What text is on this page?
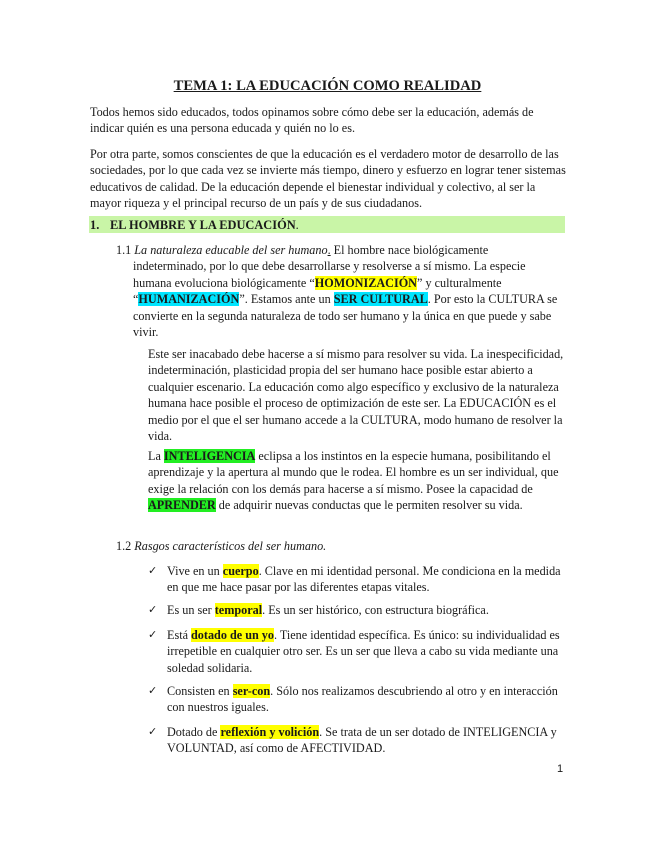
TEMA 1: LA EDUCACIÓN COMO REALIDAD

Todos hemos sido educados, todos opinamos sobre cómo debe ser la educación, además de indicar quién es una persona educada y quién no lo es.

Por otra parte, somos conscientes de que la educación es el verdadero motor de desarrollo de las sociedades, por lo que cada vez se invierte más tiempo, dinero y esfuerzo en lograr tener sistemas educativos de calidad. De la educación depende el bienestar individual y colectivo, al ser la mayor riqueza y el principal recurso de un país y de sus ciudadanos.

1. EL HOMBRE Y LA EDUCACIÓN.
1.1 La naturaleza educable del ser humano. El hombre nace biológicamente
indeterminado, por lo que debe desarrollarse y resolverse a sí mismo. La especie humana evoluciona biológicamente “HOMONIZACIÓN” y culturalmente “HUMANIZACIÓN”. Estamos ante un SER CULTURAL. Por esto la CULTURA se convierte en la segunda naturaleza de todo ser humano y la única en que puede y sabe vivir.

Este ser inacabado debe hacerse a sí mismo para resolver su vida. La inespecificidad, indeterminación, plasticidad propia del ser humano hace posible estar abierto a cualquier escenario. La educación como algo específico y exclusivo de la naturaleza humana hace posible el proceso de optimización de este ser. La EDUCACIÓN es el medio por el que el ser humano accede a la CULTURA, modo humano de resolver la vida.

La INTELIGENCIA eclipsa a los instintos en la especie humana, posibilitando el aprendizaje y la apertura al mundo que le rodea. El hombre es un ser individual, que exige la relación con los demás para hacerse a sí mismo. Posee la capacidad de APRENDER de adquirir nuevas conductas que le permiten resolver su vida.

1.2 Rasgos característicos del ser humano.
✓ Vive en un cuerpo. Clave en mi identidad personal. Me condiciona en la medida en que me hace pasar por las diferentes etapas vitales.
✓ Es un ser temporal. Es un ser histórico, con estructura biográfica.
✓ Está dotado de un yo. Tiene identidad específica. Es único: su individualidad es irrepetible en cualquier otro ser. Es un ser que lleva a cabo su vida mediante una soledad solidaria.
✓ Consisten en ser-con. Sólo nos realizamos descubriendo al otro y en interacción con nuestros iguales.
✓ Dotado de reflexión y volición. Se trata de un ser dotado de INTELIGENCIA y VOLUNTAD, así como de AFECTIVIDAD.
1
